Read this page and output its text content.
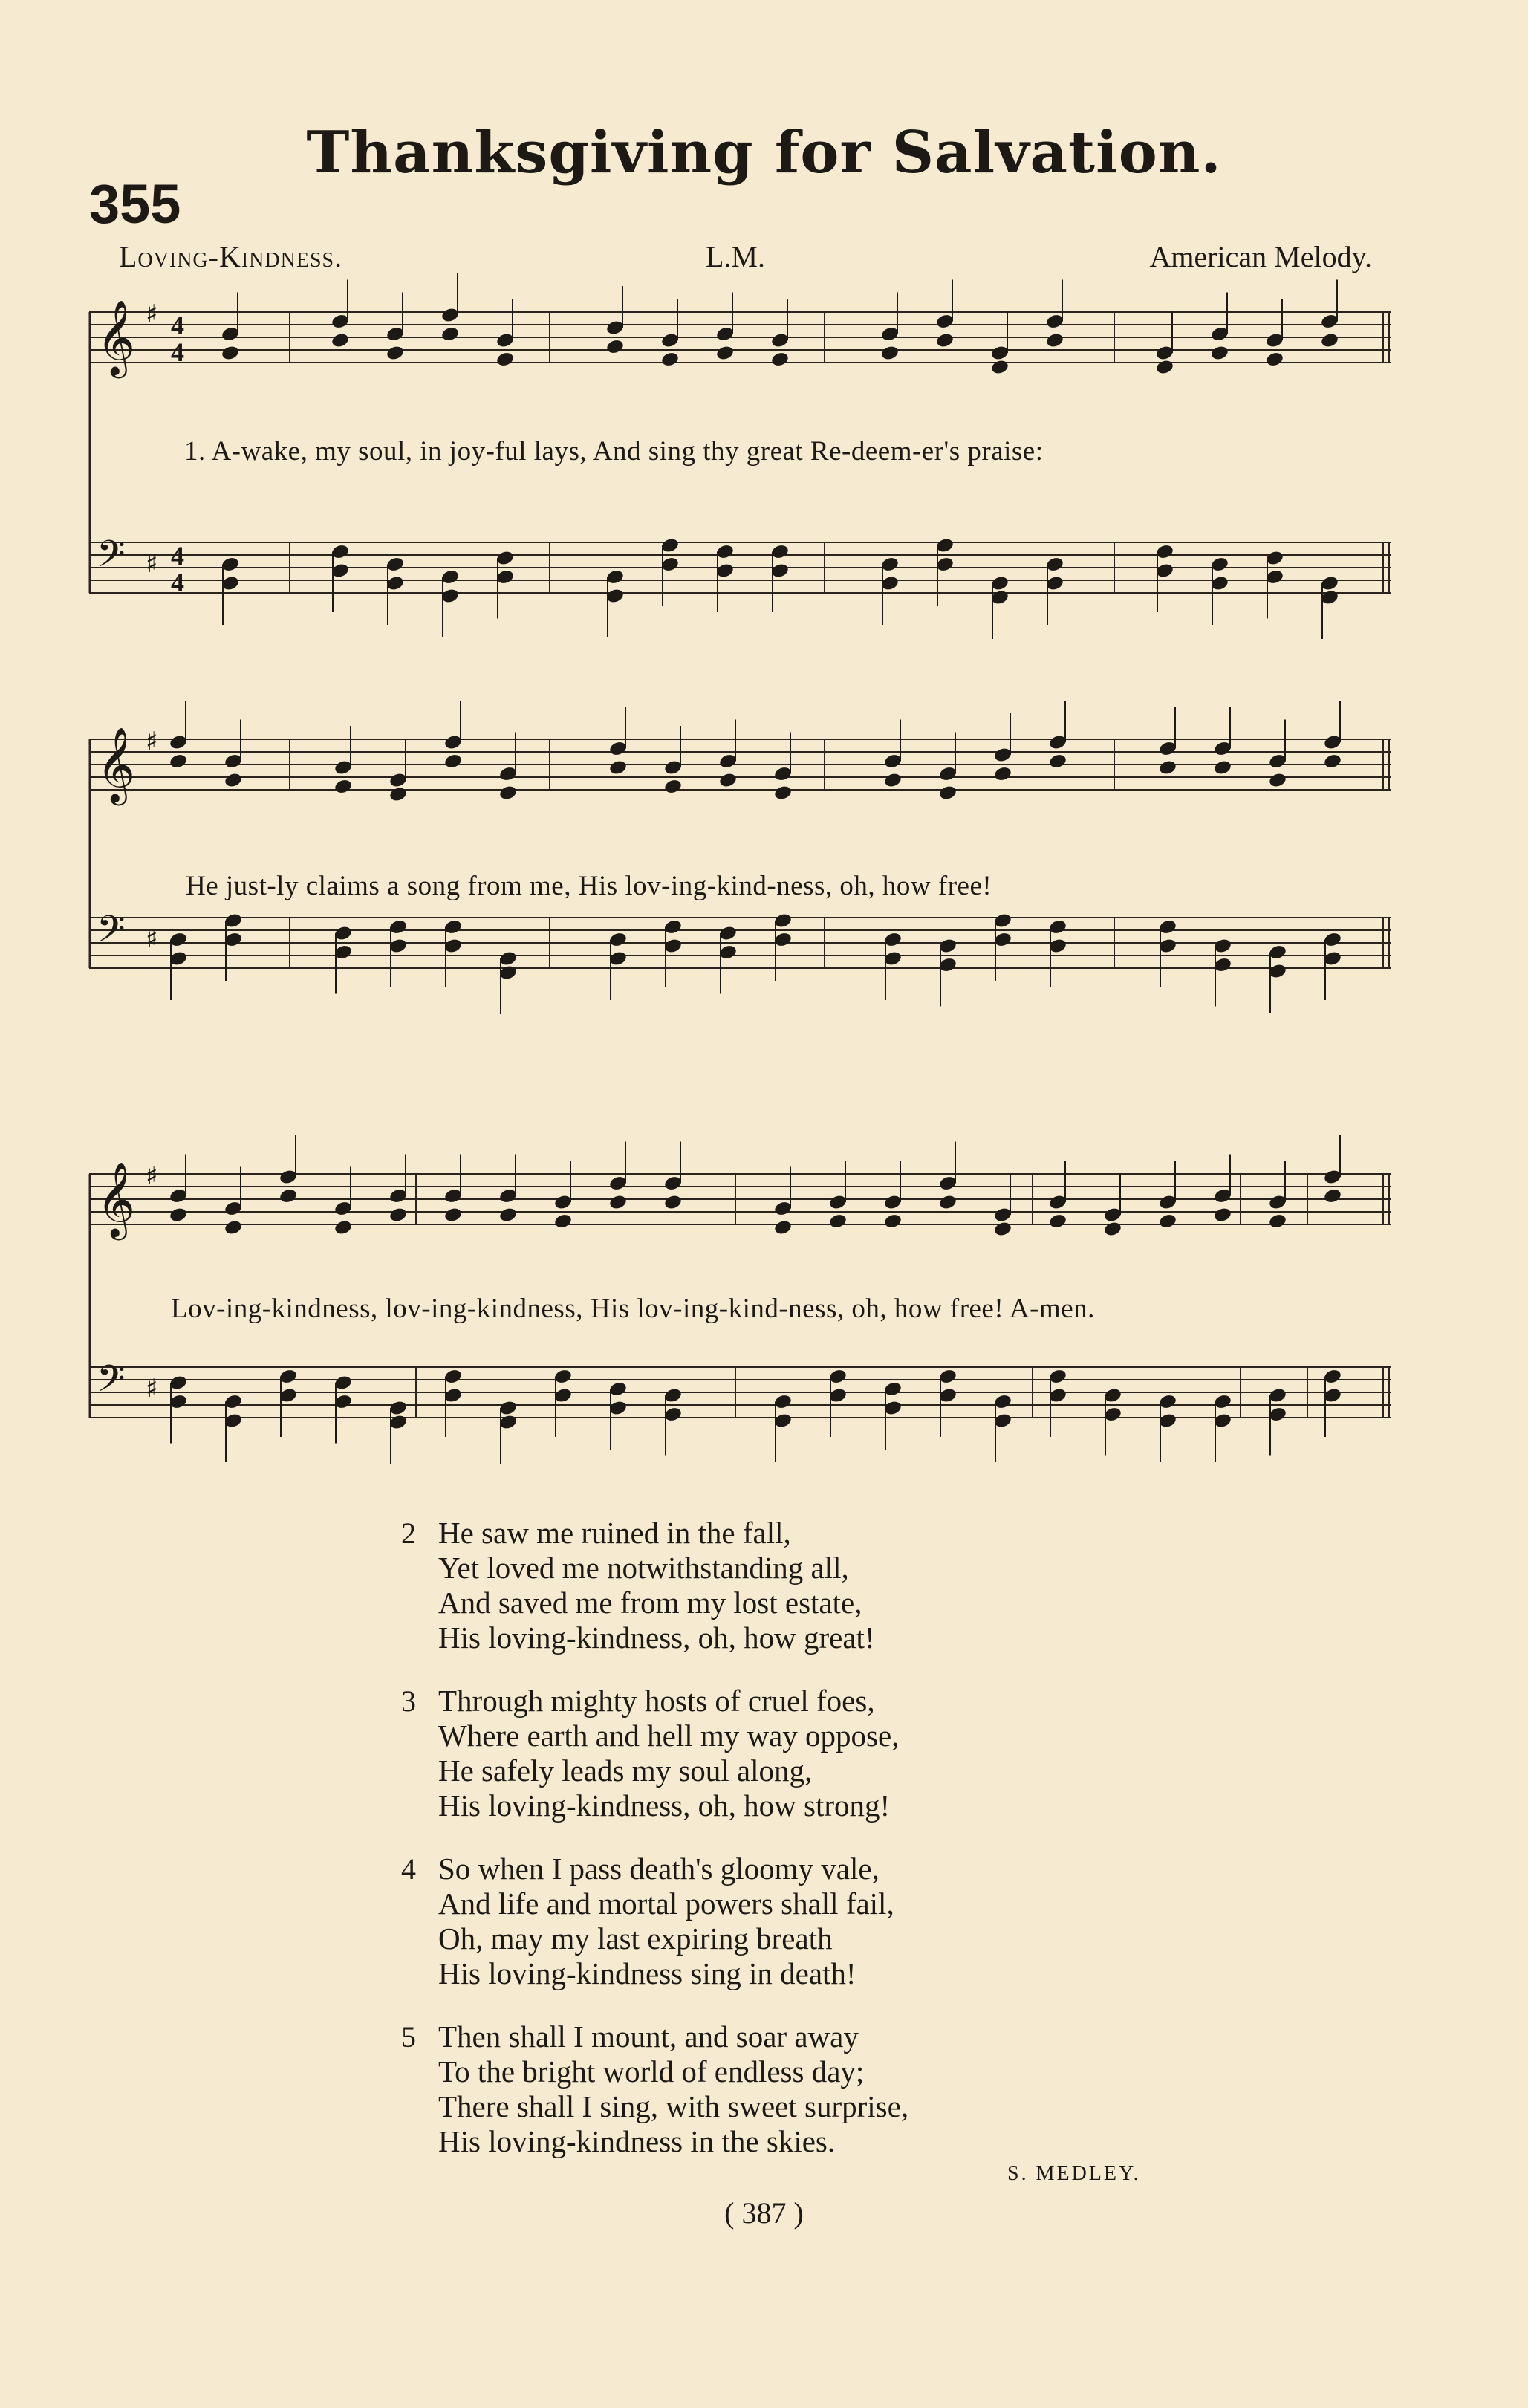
Thanksgiving for Salvation.
355
Loving-Kindness.	L.M.	American Melody.
𝄞 ♯ 4
4
𝄢 ♯ 4
4
1. A-wake, my soul, in joy-ful lays, And sing thy great Re-deem-er's praise:
𝄞 ♯
𝄢 ♯
He just-ly claims a song from me, His lov-ing-kind-ness, oh, how free!
𝄞 ♯
𝄢 ♯
Lov-ing-kindness, lov-ing-kindness, His lov-ing-kind-ness, oh, how free! A-men.
2 He saw me ruined in the fall,
Yet loved me notwithstanding all,
And saved me from my lost estate,
His loving-kindness, oh, how great!
3 Through mighty hosts of cruel foes,
Where earth and hell my way oppose,
He safely leads my soul along,
His loving-kindness, oh, how strong!
4 So when I pass death's gloomy vale,
And life and mortal powers shall fail,
Oh, may my last expiring breath
His loving-kindness sing in death!
5 Then shall I mount, and soar away
To the bright world of endless day;
There shall I sing, with sweet surprise,
His loving-kindness in the skies.
S. MEDLEY.
( 387 )
